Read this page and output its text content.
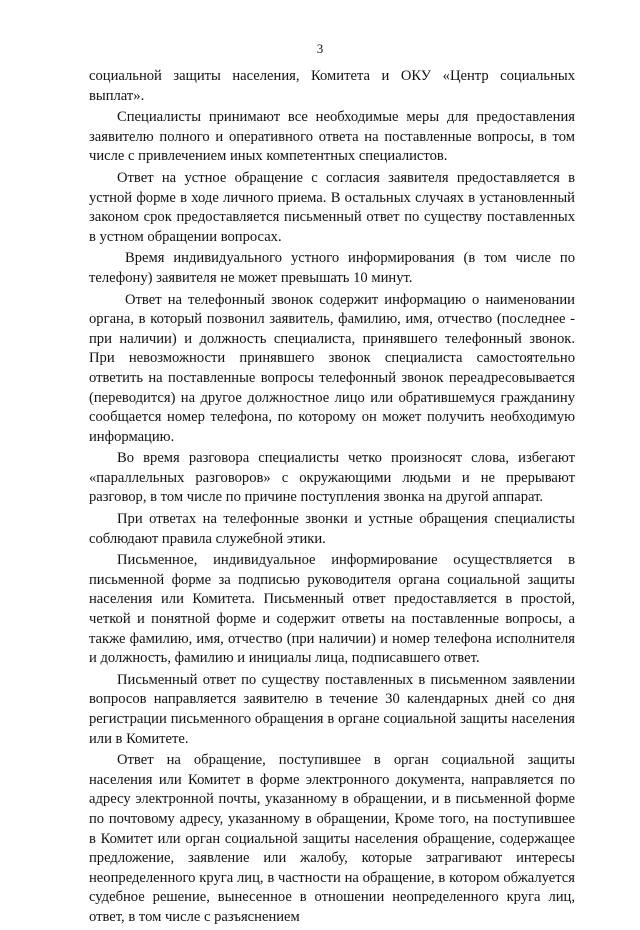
3

социальной защиты населения, Комитета и ОКУ «Центр социальных выплат».

Специалисты принимают все необходимые меры для предоставления заявителю полного и оперативного ответа на поставленные вопросы, в том числе с привлечением иных компетентных специалистов.

Ответ на устное обращение с согласия заявителя предоставляется в устной форме в ходе личного приема. В остальных случаях в установленный законом срок предоставляется письменный ответ по существу поставленных в устном обращении вопросах.

Время индивидуального устного информирования (в том числе по телефону) заявителя не может превышать 10 минут.

Ответ на телефонный звонок содержит информацию о наименовании органа, в который позвонил заявитель, фамилию, имя, отчество (последнее - при наличии) и должность специалиста, принявшего телефонный звонок. При невозможности принявшего звонок специалиста самостоятельно ответить на поставленные вопросы телефонный звонок переадресовывается (переводится) на другое должностное лицо или обратившемуся гражданину сообщается номер телефона, по которому он может получить необходимую информацию.

Во время разговора специалисты четко произносят слова, избегают «параллельных разговоров» с окружающими людьми и не прерывают разговор, в том числе по причине поступления звонка на другой аппарат.

При ответах на телефонные звонки и устные обращения специалисты соблюдают правила служебной этики.

Письменное, индивидуальное информирование осуществляется в письменной форме за подписью руководителя органа социальной защиты населения или Комитета. Письменный ответ предоставляется в простой, четкой и понятной форме и содержит ответы на поставленные вопросы, а также фамилию, имя, отчество (при наличии) и номер телефона исполнителя и должность, фамилию и инициалы лица, подписавшего ответ.

Письменный ответ по существу поставленных в письменном заявлении вопросов направляется заявителю в течение 30 календарных дней со дня регистрации письменного обращения в органе социальной защиты населения или в Комитете.

Ответ на обращение, поступившее в орган социальной защиты населения или Комитет в форме электронного документа, направляется по адресу электронной почты, указанному в обращении, и в письменной форме по почтовому адресу, указанному в обращении, Кроме того, на поступившее в Комитет или орган социальной защиты населения обращение, содержащее предложение, заявление или жалобу, которые затрагивают интересы неопределенного круга лиц, в частности на обращение, в котором обжалуется судебное решение, вынесенное в отношении неопределенного круга лиц, ответ, в том числе с разъяснением
